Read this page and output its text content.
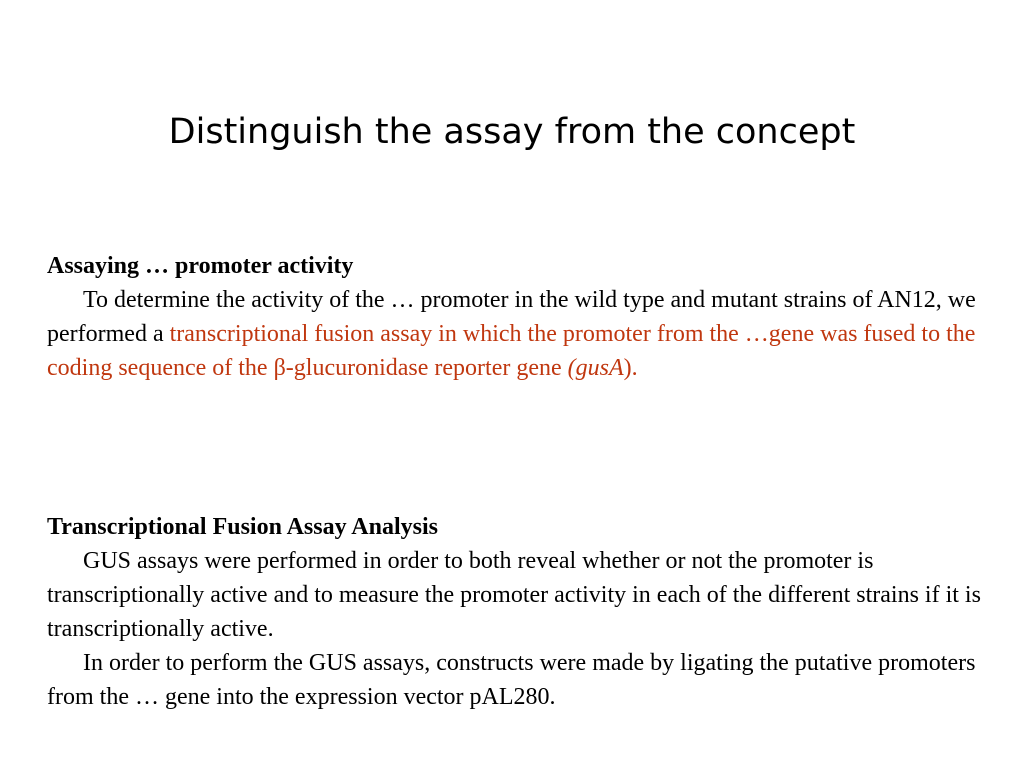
Distinguish the assay from the concept
Assaying … promoter activity
To determine the activity of the … promoter in the wild type and mutant strains of AN12, we performed a transcriptional fusion assay in which the promoter from the …gene was fused to the coding sequence of the β-glucuronidase reporter gene (gusA).
Transcriptional Fusion Assay Analysis
GUS assays were performed in order to both reveal whether or not the promoter is transcriptionally active and to measure the promoter activity in each of the different strains if it is transcriptionally active.
In order to perform the GUS assays, constructs were made by ligating the putative promoters from the … gene into the expression vector pAL280.
